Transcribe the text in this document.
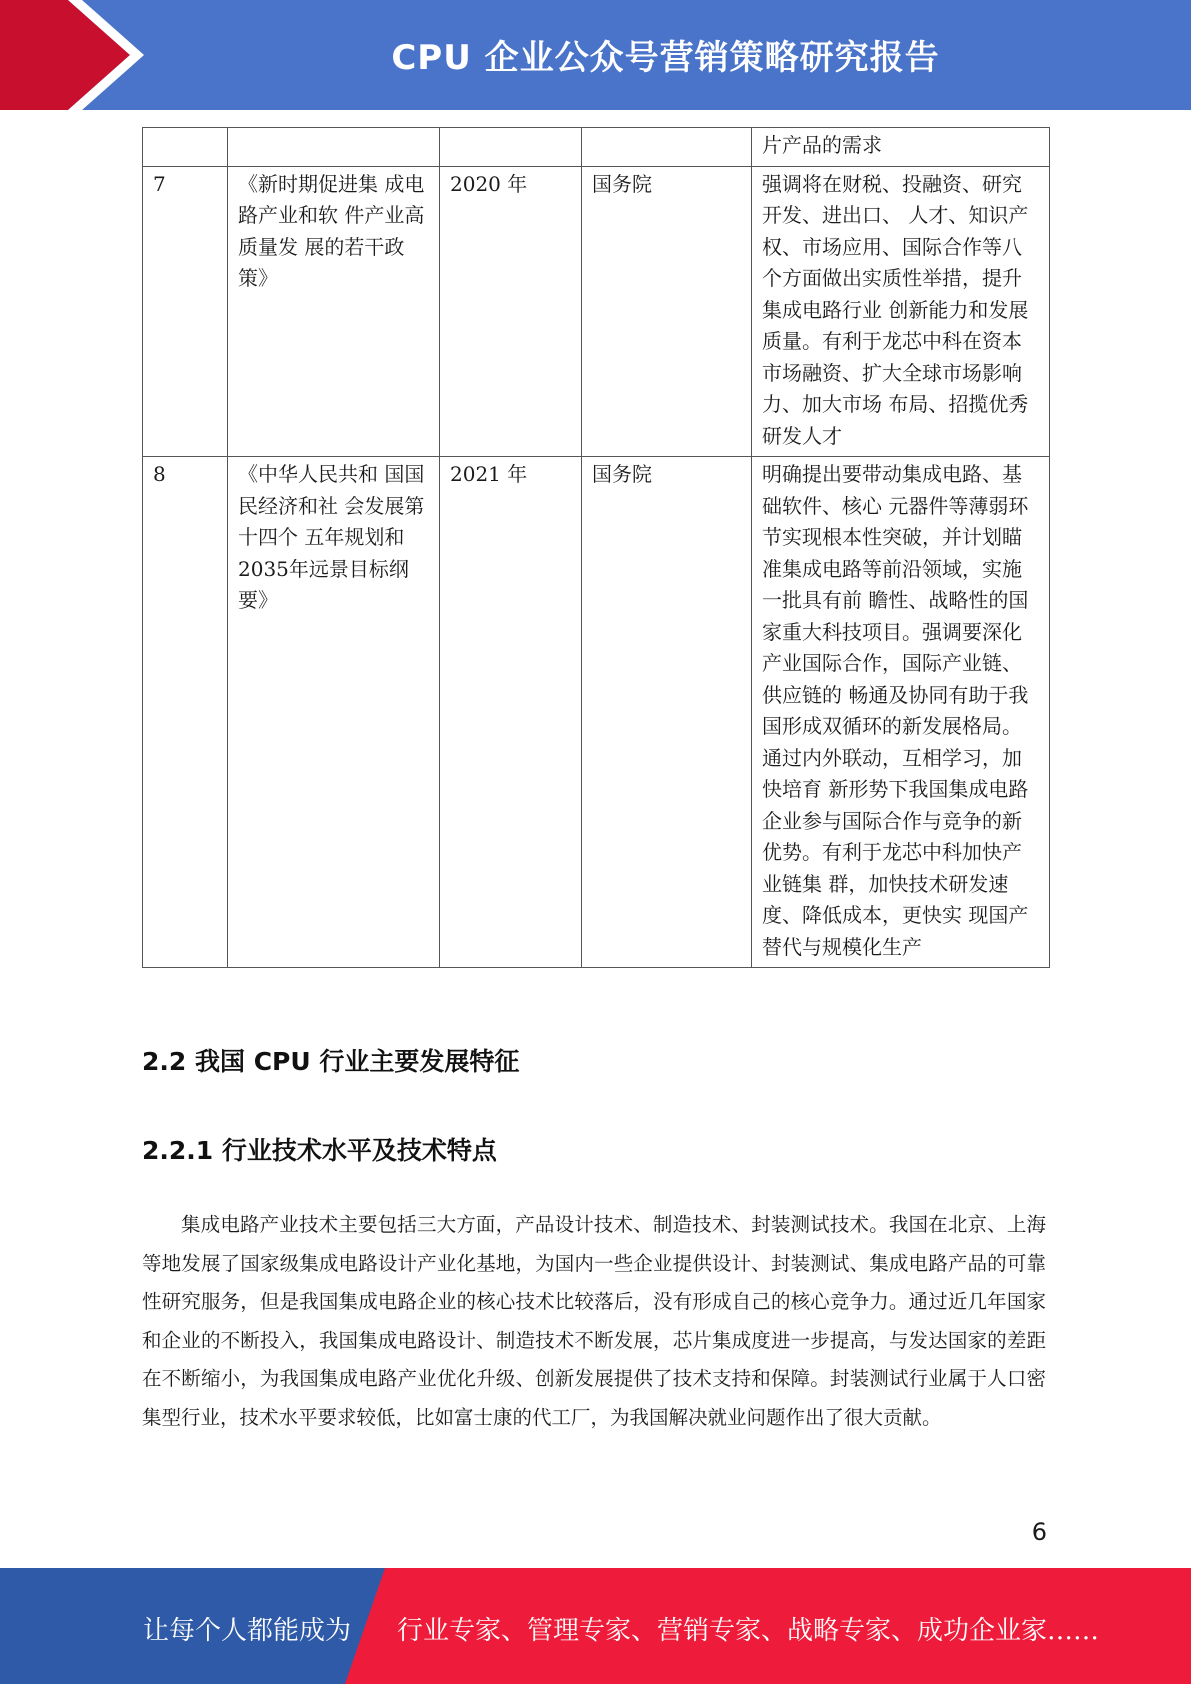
CPU 企业公众号营销策略研究报告
				片产品的需求
7	《新时期促进集 成电路产业和软 件产业高质量发 展的若干政策》	2020 年	国务院	强调将在财税、投融资、研究开发、进出口、 人才、知识产权、市场应用、国际合作等八 个方面做出实质性举措，提升集成电路行业 创新能力和发展质量。有利于龙芯中科在资本 市场融资、扩大全球市场影响力、加大市场 布局、招揽优秀研发人才
8	《中华人民共和 国国民经济和社 会发展第十四个 五年规划和2035年远景目标纲要》	2021 年	国务院	明确提出要带动集成电路、基础软件、核心 元器件等薄弱环节实现根本性突破，并计划瞄准集成电路等前沿领域，实施一批具有前 瞻性、战略性的国家重大科技项目。强调要深化产业国际合作，国际产业链、供应链的 畅通及协同有助于我国形成双循环的新发展格局。通过内外联动，互相学习，加快培育 新形势下我国集成电路企业参与国际合作与竞争的新优势。有利于龙芯中科加快产业链集 群，加快技术研发速度、降低成本，更快实 现国产替代与规模化生产
2.2 我国 CPU 行业主要发展特征
2.2.1 行业技术水平及技术特点

集成电路产业技术主要包括三大方面，产品设计技术、制造技术、封装测试技术。我国在北京、上海等地发展了国家级集成电路设计产业化基地，为国内一些企业提供设计、封装测试、集成电路产品的可靠性研究服务，但是我国集成电路企业的核心技术比较落后，没有形成自己的核心竞争力。通过近几年国家和企业的不断投入，我国集成电路设计、制造技术不断发展，芯片集成度进一步提高，与发达国家的差距在不断缩小，为我国集成电路产业优化升级、创新发展提供了技术支持和保障。封装测试行业属于人口密集型行业，技术水平要求较低，比如富士康的代工厂，为我国解决就业问题作出了很大贡献。

6
让每个人都能成为 行业专家、管理专家、营销专家、战略专家、成功企业家……
